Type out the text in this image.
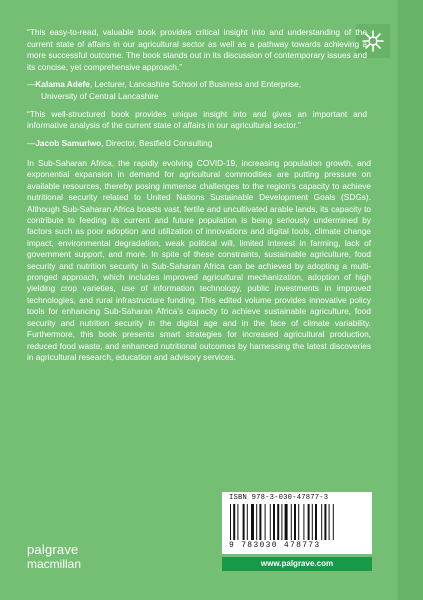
“This easy-to-read, valuable book provides critical insight into and understanding of the current state of affairs in our agricultural sector as well as a pathway towards achieving a more successful outcome. The book stands out in its discussion of contemporary issues and its concise, yet comprehensive approach.”

—Kalama Adefe, Lecturer, Lancashire School of Business and Enterprise,

University of Central Lancashire

“This well-structured book provides unique insight into and gives an important and informative analysis of the current state of affairs in our agricultural sector.”

—Jacob Samuriwo, Director, Bestfield Consulting

In Sub-Saharan Africa, the rapidly evolving COVID-19, increasing population growth, and exponential expansion in demand for agricultural commodities are putting pressure on available resources, thereby posing immense challenges to the region’s capacity to achieve nutritional security related to United Nations Sustainable Development Goals (SDGs). Although Sub-Saharan Africa boasts vast, fertile and uncultivated arable lands, its capacity to contribute to feeding its current and future population is being seriously undermined by factors such as poor adoption and utilization of innovations and digital tools, climate change impact, environmental degradation, weak political will, limited interest in farming, lack of government support, and more. In spite of these constraints, sustainable agriculture, food security and nutrition security in Sub-Saharan Africa can be achieved by adopting a multi-pronged approach, which includes improved agricultural mechanization, adoption of high yielding crop varieties, use of information technology, public investments in improved technologies, and rural infrastructure funding. This edited volume provides innovative policy tools for enhancing Sub-Saharan Africa’s capacity to achieve sustainable agriculture, food security and nutrition security in the digital age and in the face of climate variability. Furthermore, this book presents smart strategies for increased agricultural production, reduced food waste, and enhanced nutritional outcomes by harnessing the latest discoveries in agricultural research, education and advisory services.

ISBN 978-3-030-47877-3
9 783030 478773
palgrave
macmillan	www.palgrave.com
